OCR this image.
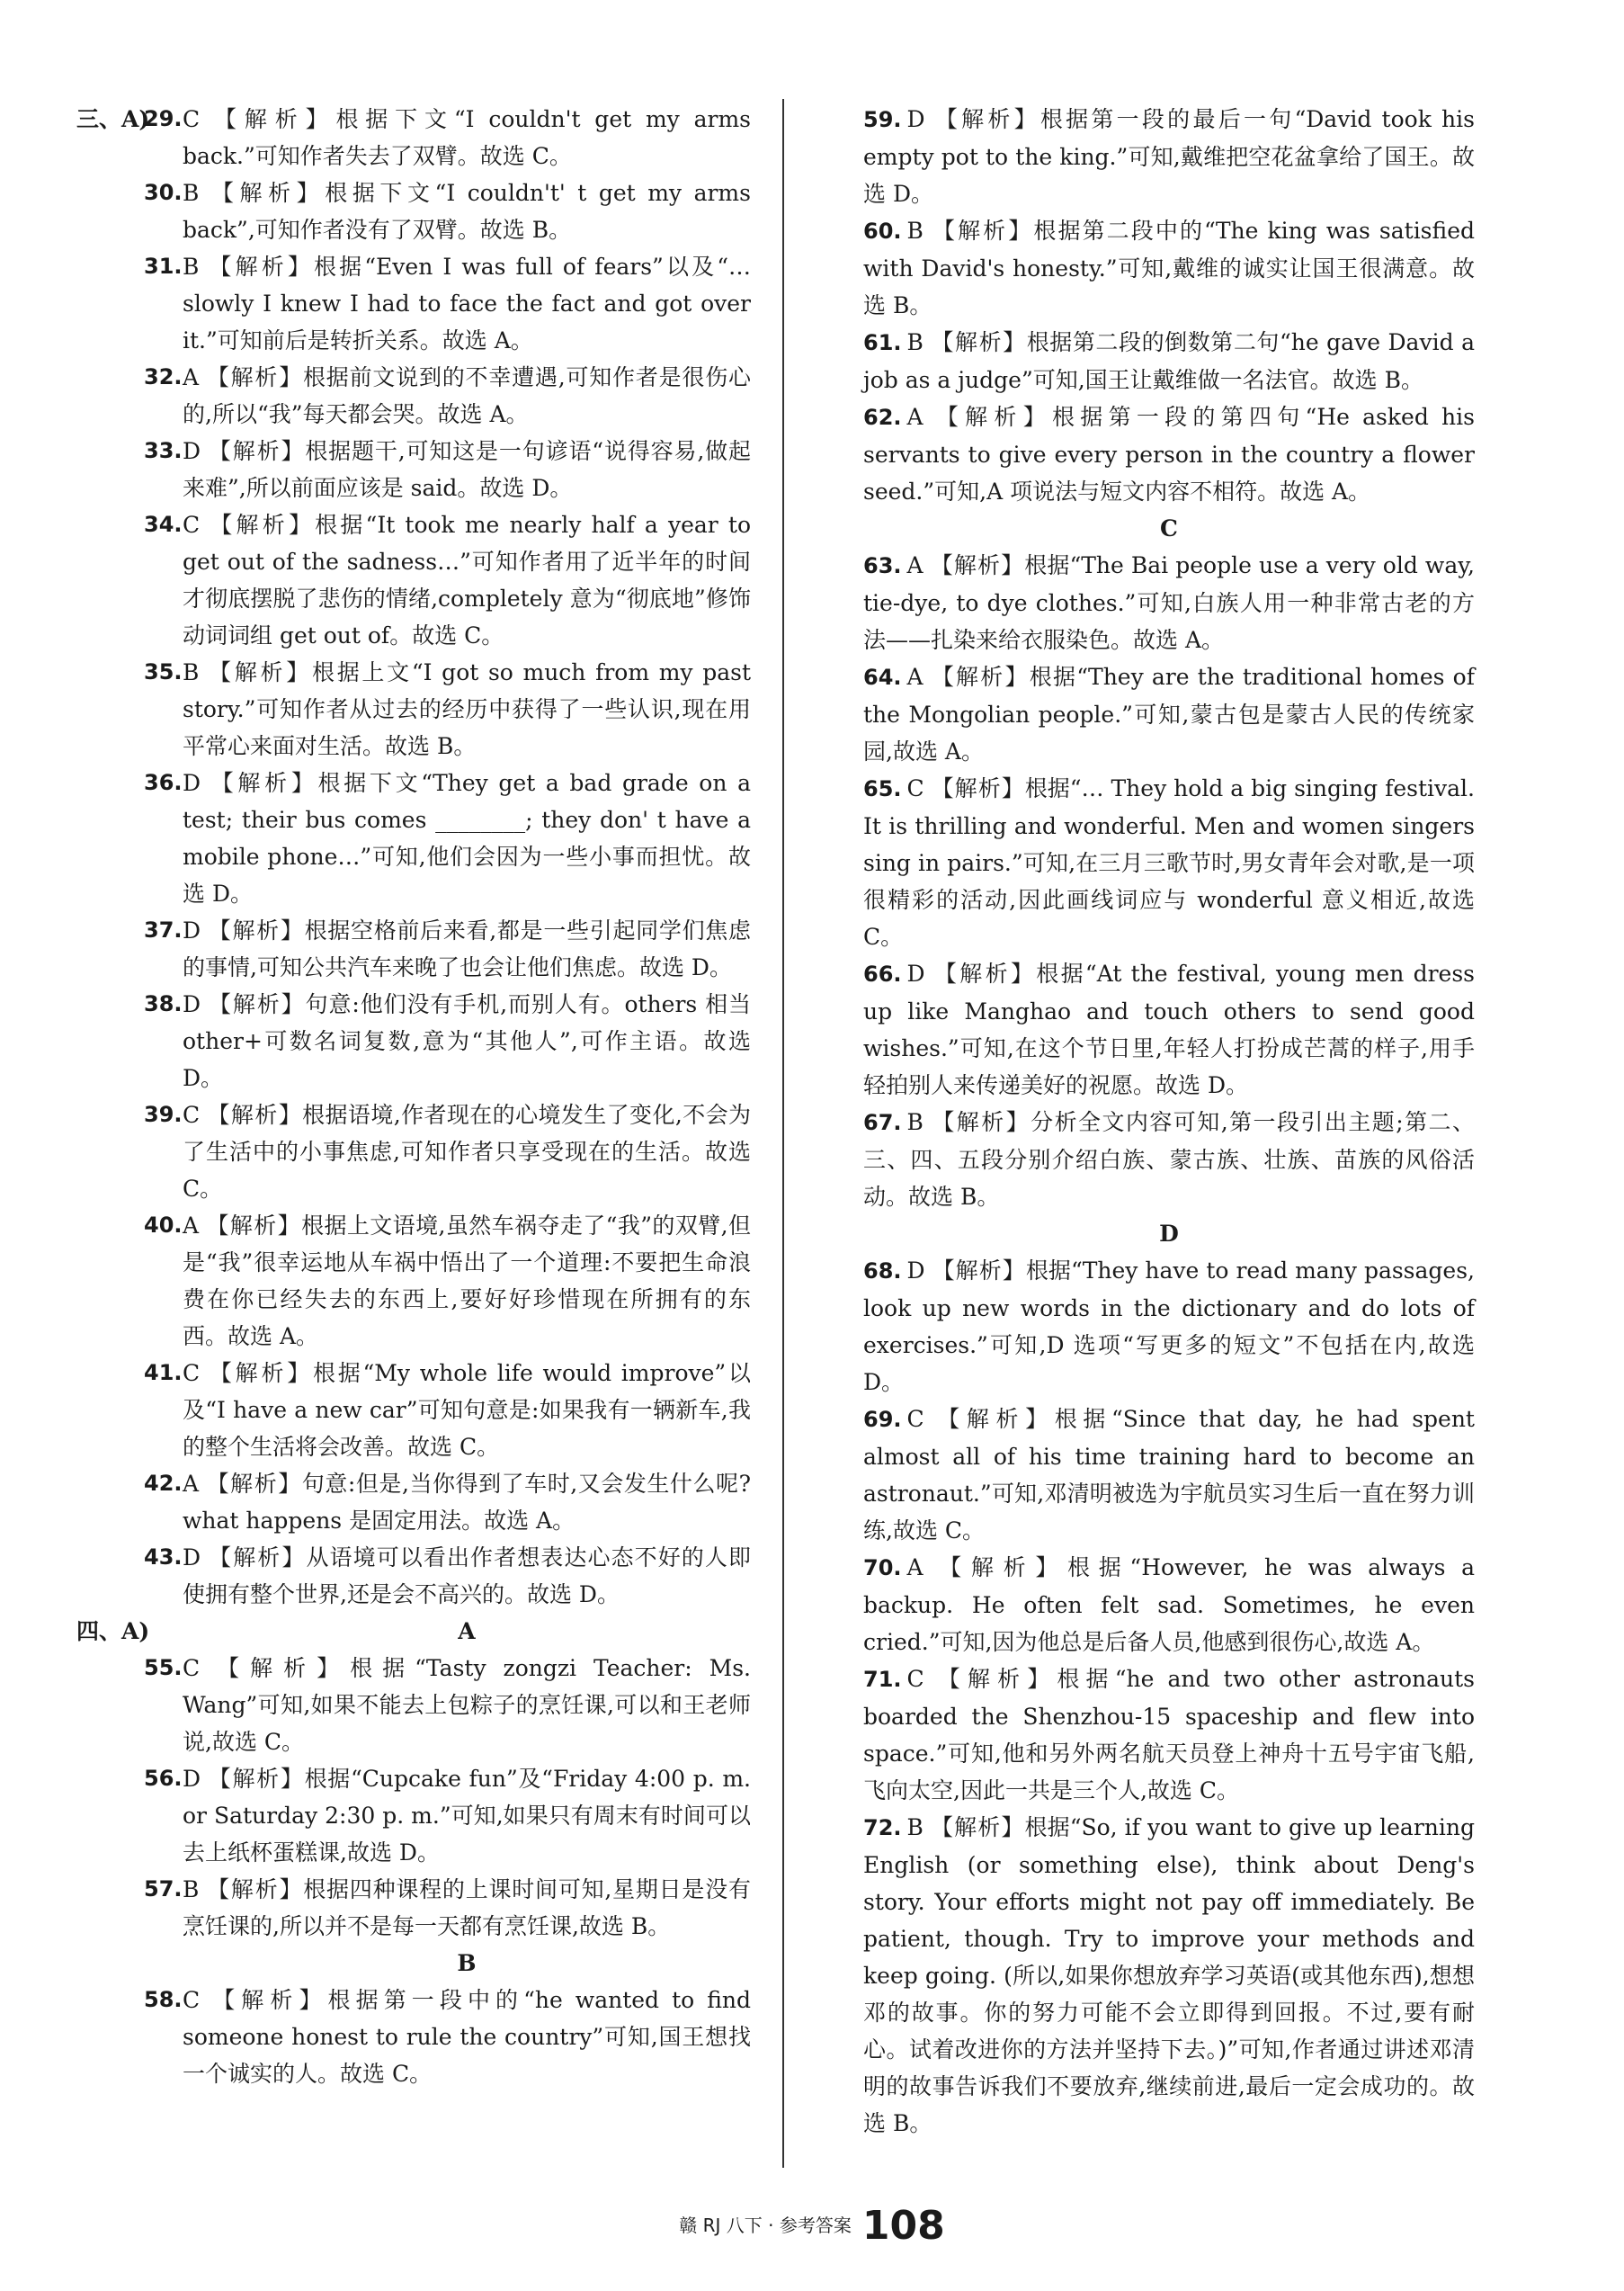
三、A)
29. C 【解析】根据下文“I couldn't get my arms back.”可知作者失去了双臂。故选 C。

30. B 【解析】根据下文“I couldn't' t get my arms back”,可知作者没有了双臂。故选 B。

31. B 【解析】根据“Even I was full of fears”以及“…slowly I knew I had to face the fact and got over it.”可知前后是转折关系。故选 A。

32. A 【解析】根据前文说到的不幸遭遇,可知作者是很伤心的,所以“我”每天都会哭。故选 A。

33. D 【解析】根据题干,可知这是一句谚语“说得容易,做起来难”,所以前面应该是 said。故选 D。

34. C 【解析】根据“It took me nearly half a year to get out of the sadness…”可知作者用了近半年的时间才彻底摆脱了悲伤的情绪,completely 意为“彻底地”修饰动词词组 get out of。故选 C。

35. B 【解析】根据上文“I got so much from my past story.”可知作者从过去的经历中获得了一些认识,现在用平常心来面对生活。故选 B。

36. D 【解析】根据下文“They get a bad grade on a test; their bus comes ________; they don' t have a mobile phone…”可知,他们会因为一些小事而担忧。故选 D。

37. D 【解析】根据空格前后来看,都是一些引起同学们焦虑的事情,可知公共汽车来晚了也会让他们焦虑。故选 D。

38. D 【解析】句意:他们没有手机,而别人有。others 相当 other+可数名词复数,意为“其他人”,可作主语。故选 D。

39. C 【解析】根据语境,作者现在的心境发生了变化,不会为了生活中的小事焦虑,可知作者只享受现在的生活。故选 C。

40. A 【解析】根据上文语境,虽然车祸夺走了“我”的双臂,但是“我”很幸运地从车祸中悟出了一个道理:不要把生命浪费在你已经失去的东西上,要好好珍惜现在所拥有的东西。故选 A。

41. C 【解析】根据“My whole life would improve”以及“I have a new car”可知句意是:如果我有一辆新车,我的整个生活将会改善。故选 C。

42. A 【解析】句意:但是,当你得到了车时,又会发生什么呢? what happens 是固定用法。故选 A。

43. D 【解析】从语境可以看出作者想表达心态不好的人即使拥有整个世界,还是会不高兴的。故选 D。

四、A)	A

55. C 【解析】根据“Tasty zongzi Teacher: Ms. Wang”可知,如果不能去上包粽子的烹饪课,可以和王老师说,故选 C。

56. D 【解析】根据“Cupcake fun”及“Friday 4:00 p. m. or Saturday 2:30 p. m.”可知,如果只有周末有时间可以去上纸杯蛋糕课,故选 D。

57. B 【解析】根据四种课程的上课时间可知,星期日是没有烹饪课的,所以并不是每一天都有烹饪课,故选 B。

B

58. C 【解析】根据第一段中的“he wanted to find someone honest to rule the country”可知,国王想找一个诚实的人。故选 C。

59. D 【解析】根据第一段的最后一句“David took his empty pot to the king.”可知,戴维把空花盆拿给了国王。故选 D。

60. B 【解析】根据第二段中的“The king was satisfied with David's honesty.”可知,戴维的诚实让国王很满意。故选 B。

61. B 【解析】根据第二段的倒数第二句“he gave David a job as a judge”可知,国王让戴维做一名法官。故选 B。

62. A 【解析】根据第一段的第四句“He asked his servants to give every person in the country a flower seed.”可知,A 项说法与短文内容不相符。故选 A。

C

63. A 【解析】根据“The Bai people use a very old way, tie-dye, to dye clothes.”可知,白族人用一种非常古老的方法——扎染来给衣服染色。故选 A。

64. A 【解析】根据“They are the traditional homes of the Mongolian people.”可知,蒙古包是蒙古人民的传统家园,故选 A。

65. C 【解析】根据“… They hold a big singing festival. It is thrilling and wonderful. Men and women singers sing in pairs.”可知,在三月三歌节时,男女青年会对歌,是一项很精彩的活动,因此画线词应与 wonderful 意义相近,故选 C。

66. D 【解析】根据“At the festival, young men dress up like Manghao and touch others to send good wishes.”可知,在这个节日里,年轻人打扮成芒蒿的样子,用手轻拍别人来传递美好的祝愿。故选 D。

67. B 【解析】分析全文内容可知,第一段引出主题;第二、三、四、五段分别介绍白族、蒙古族、壮族、苗族的风俗活动。故选 B。

D

68. D 【解析】根据“They have to read many passages, look up new words in the dictionary and do lots of exercises.”可知,D 选项“写更多的短文”不包括在内,故选 D。

69. C 【解析】根据“Since that day, he had spent almost all of his time training hard to become an astronaut.”可知,邓清明被选为宇航员实习生后一直在努力训练,故选 C。

70. A 【解析】根据“However, he was always a backup. He often felt sad. Sometimes, he even cried.”可知,因为他总是后备人员,他感到很伤心,故选 A。

71. C 【解析】根据“he and two other astronauts boarded the Shenzhou-15 spaceship and flew into space.”可知,他和另外两名航天员登上神舟十五号宇宙飞船,飞向太空,因此一共是三个人,故选 C。

72. B 【解析】根据“So, if you want to give up learning English (or something else), think about Deng's story. Your efforts might not pay off immediately. Be patient, though. Try to improve your methods and keep going. (所以,如果你想放弃学习英语(或其他东西),想想邓的故事。你的努力可能不会立即得到回报。不过,要有耐心。试着改进你的方法并坚持下去。)”可知,作者通过讲述邓清明的故事告诉我们不要放弃,继续前进,最后一定会成功的。故选 B。

赣 RJ 八下 · 参考答案 108
